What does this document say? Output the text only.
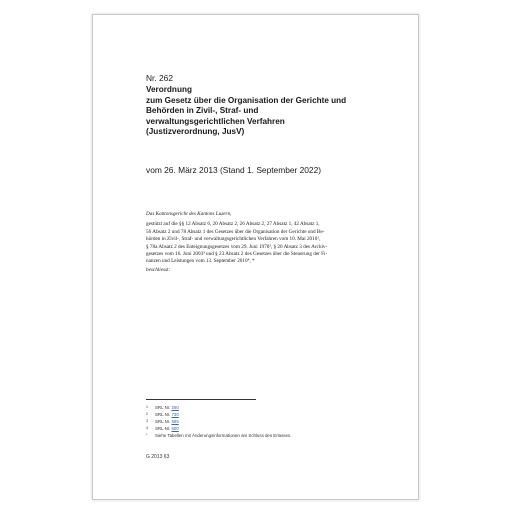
Nr. 262
Verordnung
zum Gesetz über die Organisation der Gerichte und
Behörden in Zivil-, Straf- und
verwaltungsgerichtlichen Verfahren
(Justizverordnung, JusV)
vom 26. März 2013 (Stand 1. September 2022)
Das Kantonsgericht des Kantons Luzern,
gestützt auf die §§ 12 Absatz 6, 20 Absatz 2, 26 Absatz 2, 27 Absatz 1, 42 Absatz 1,
56 Absatz 2 und 78 Absatz 1 des Gesetzes über die Organisation der Gerichte und Be-
hörden in Zivil-, Straf- und verwaltungsgerichtlichen Verfahren vom 10. Mai 2010¹,
§ 78a Absatz 2 des Enteignungsgesetzes vom 29. Juni 1970², § 20 Absatz 3 des Archiv-
gesetzes vom 16. Juni 2003³ und § 23 Absatz 2 des Gesetzes über die Steuerung der Fi-
nanzen und Leistungen vom 13. September 2010⁴, *
beschliesst:
1 SRL Nr. 260
2 SRL Nr. 730
3 SRL Nr. 585
4 SRL Nr. 600
* Siehe Tabellen mit Änderungsinformationen am Schluss des Erlasses.
G 2013 63
